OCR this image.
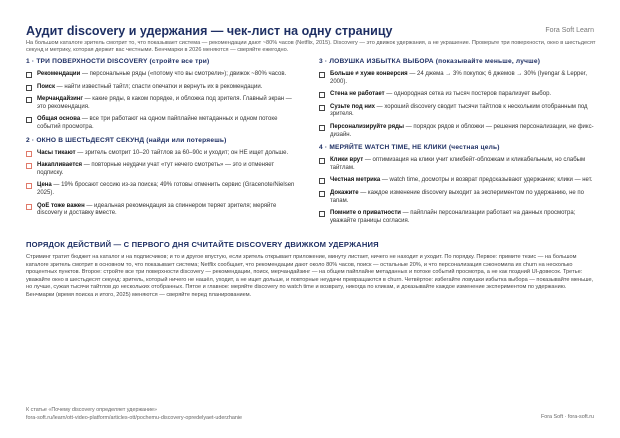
Аудит discovery и удержания — чек-лист на одну страницу	Fora Soft Learn
На большом каталоге зритель смотрит то, что показывает система — рекомендации дают ~80% часов (Netflix, 2015). Discovery — это движок удержания, а не украшение. Проверьте три поверхности, окно в шестьдесят секунд и метрику, которая держит вас честными. Бенчмарки в 2026 меняются — сверяйте ежегодно.
1 · ТРИ ПОВЕРХНОСТИ DISCOVERY (стройте все три)
Рекомендации — персональные ряды («потому что вы смотрели»); движок ~80% часов.
Поиск — найти известный тайтл; спасти опечатки и вернуть их в рекомендации.
Мерчандайзинг — какие ряды, в каком порядке, и обложка под зрителя. Главный экран — это рекомендация.
Общая основа — все три работают на одном пайплайне метаданных и одном потоке событий просмотра.
2 · ОКНО В ШЕСТЬДЕСЯТ СЕКУНД (найди или потеряешь)
Часы тикают — зритель смотрит 10–20 тайтлов за 60–90с и уходит; он НЕ ищет дольше.
Накапливается — повторные неудачи учат «тут нечего смотреть» — это и отменяет подписку.
Цена — 19% бросают сессию из-за поиска; 49% готовы отменить сервис (Gracenote/Nielsen 2025).
QoE тоже важен — идеальная рекомендация за спиннером теряет зрителя; меряйте discovery и доставку вместе.
3 · ЛОВУШКА ИЗБЫТКА ВЫБОРА (показывайте меньше, лучше)
Больше ≠ хуже конверсия — 24 джема → 3% покупок; 6 джемов → 30% (Iyengar & Lepper, 2000).
Стена не работает — однородная сетка из тысяч постеров парализует выбор.
Сузьте под них — хороший discovery сводит тысячи тайтлов к нескольким отобранным под зрителя.
Персонализируйте ряды — порядок рядов и обложки — решения персонализации, не фикс-дизайн.
4 · МЕРЯЙТЕ WATCH TIME, НЕ КЛИКИ (честная цель)
Клики врут — оптимизация на клики учит кликбейт-обложкам и кликабельным, но слабым тайтлам.
Честная метрика — watch time, досмотры и возврат предсказывают удержание; клики — нет.
Докажите — каждое изменение discovery выходит за экспериментом по удержанию, не по тапам.
Помните о приватности — пайплайн персонализации работает на данных просмотра; уважайте границы согласия.
ПОРЯДОК ДЕЙСТВИЙ — С ПЕРВОГО ДНЯ СЧИТАЙТЕ DISCOVERY ДВИЖКОМ УДЕРЖАНИЯ
Стриминг тратит бюджет на каталог и на подписчиков; и то и другое впустую, если зритель открывает приложение, минуту листает, ничего не находит и уходит. По порядку. Первое: примите тезис — на большом каталоге зритель смотрит в основном то, что показывает система; Netflix сообщает, что рекомендации дают около 80% часов, поиск — остальные 20%, и что персонализация сэкономила их churn на несколько процентных пунктов. Второе: стройте все три поверхности discovery — рекомендации, поиск, мерчандайзинг — на общем пайплайне метаданных и потоке событий просмотра, а не как поздний UI-довесок. Третье: уважайте окно в шестьдесят секунд: зритель, который ничего не нашёл, уходит, а не ищет дольше, и повторные неудачи превращаются в churn. Четвёртое: избегайте ловушки избытка выбора — показывайте меньше, но лучше, сужая тысячи тайтлов до нескольких отобранных. Пятое и главное: меряйте discovery по watch time и возврату, никогда по кликам, и доказывайте каждое изменение экспериментом по удержанию. Бенчмарки (время поиска и итого, 2025) меняются — сверяйте перед планированием.
К статье «Почему discovery определяет удержание»
fora-soft.ru/learn/ott-video-platform/articles-ott/pochemu-discovery-opredelyaet-uderzhanie	Fora Soft · fora-soft.ru
